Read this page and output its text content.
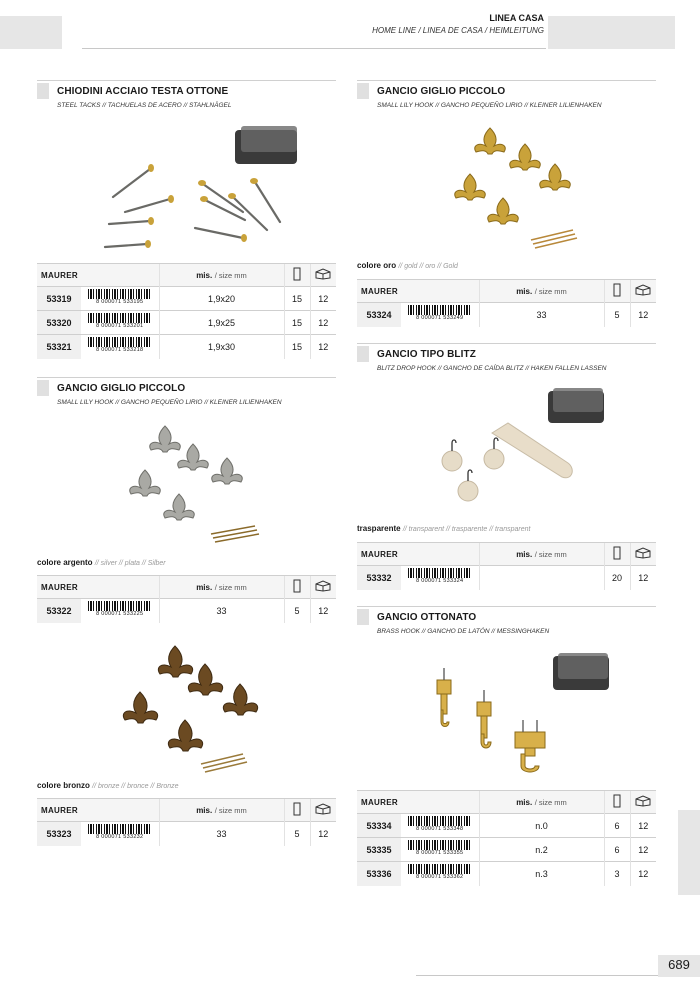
LINEA CASA
HOME LINE / LINEA DE CASA / HEIMLEITUNG
CHIODINI ACCIAIO TESTA OTTONE
STEEL TACKS // TACHUELAS DE ACERO // STAHLNÄGEL
MAURER		mis. / size mm		
53319	8 000071 533195	1,9x20	15	12
53320	8 000071 533201	1,9x25	15	12
53321	8 000071 533218	1,9x30	15	12
GANCIO GIGLIO PICCOLO
SMALL LILY HOOK // GANCHO PEQUEÑO LIRIO // KLEINER LILIENHAKEN
colore argento // silver // plata // Silber
MAURER		mis. / size mm		
53322	8 000071 533225	33	5	12
colore bronzo // bronze // bronce // Bronze
MAURER		mis. / size mm		
53323	8 000071 533232	33	5	12
GANCIO GIGLIO PICCOLO
SMALL LILY HOOK // GANCHO PEQUEÑO LIRIO // KLEINER LILIENHAKEN
colore oro // gold // oro // Gold
MAURER		mis. / size mm		
53324	8 000071 533249	33	5	12
GANCIO TIPO BLITZ
BLITZ DROP HOOK // GANCHO DE CAÍDA BLITZ // HAKEN FALLEN LASSEN
trasparente // transparent // trasparente // transparent
MAURER		mis. / size mm		
53332	8 000071 533324		20	12
GANCIO OTTONATO
BRASS HOOK // GANCHO DE LATÓN // MESSINGHAKEN
MAURER		mis. / size mm		
53334	8 000071 533348	n.0	6	12
53335	8 000071 533355	n.2	6	12
53336	8 000071 533362	n.3	3	12
689
